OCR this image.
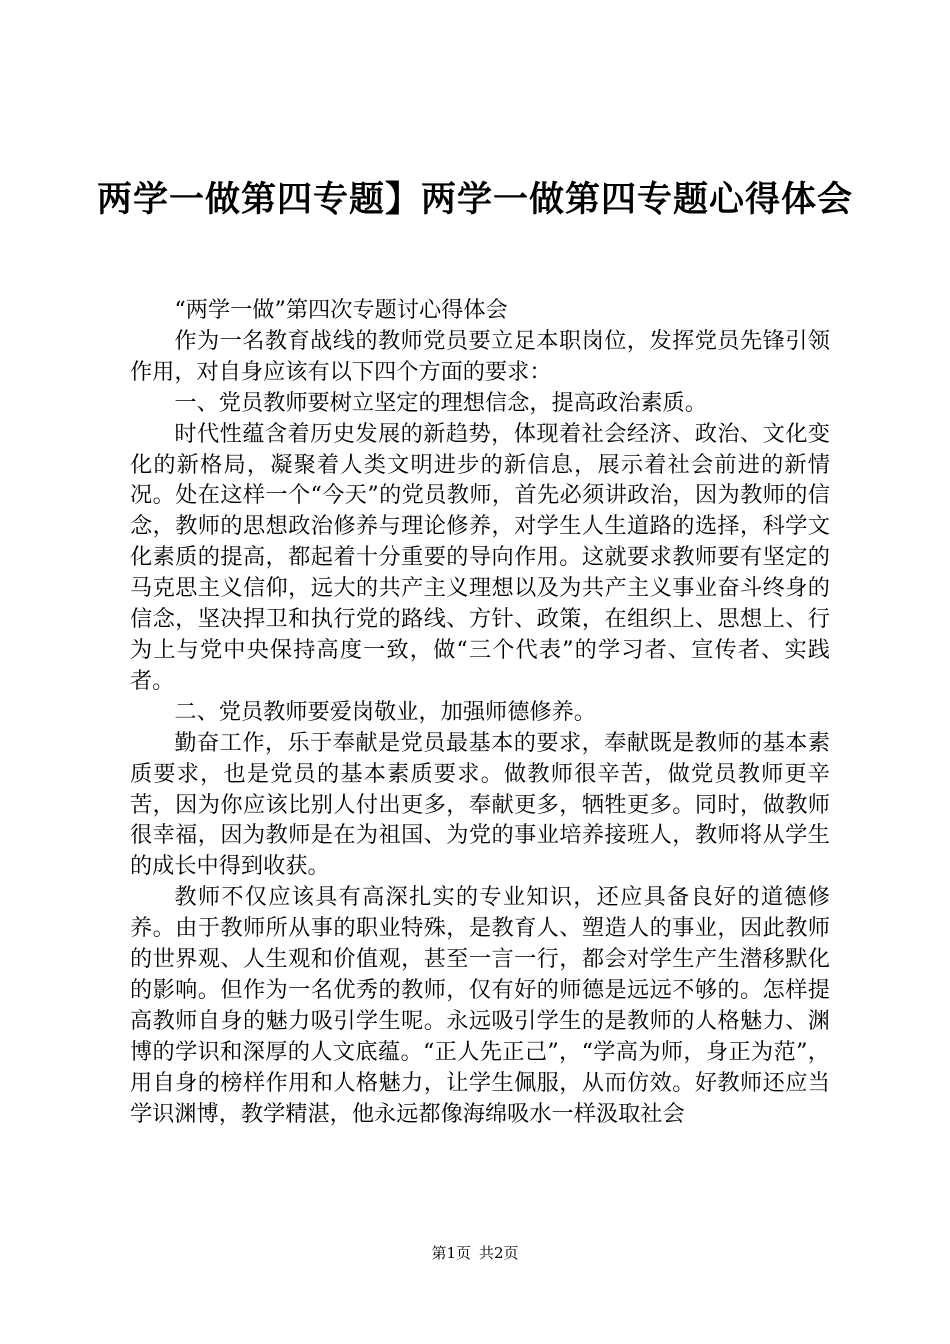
两学一做第四专题】两学一做第四专题心得体会

“两学一做”第四次专题讨心得体会

作为一名教育战线的教师党员要立足本职岗位，发挥党员先锋引领作用，对自身应该有以下四个方面的要求：

一、党员教师要树立坚定的理想信念，提高政治素质。

时代性蕴含着历史发展的新趋势，体现着社会经济、政治、文化变化的新格局，凝聚着人类文明进步的新信息，展示着社会前进的新情况。处在这样一个“今天”的党员教师，首先必须讲政治，因为教师的信念，教师的思想政治修养与理论修养，对学生人生道路的选择，科学文化素质的提高，都起着十分重要的导向作用。这就要求教师要有坚定的马克思主义信仰，远大的共产主义理想以及为共产主义事业奋斗终身的信念，坚决捍卫和执行党的路线、方针、政策，在组织上、思想上、行为上与党中央保持高度一致，做“三个代表”的学习者、宣传者、实践者。

二、党员教师要爱岗敬业，加强师德修养。

勤奋工作，乐于奉献是党员最基本的要求，奉献既是教师的基本素质要求，也是党员的基本素质要求。做教师很辛苦，做党员教师更辛苦，因为你应该比别人付出更多，奉献更多，牺牲更多。同时，做教师很幸福，因为教师是在为祖国、为党的事业培养接班人，教师将从学生的成长中得到收获。

教师不仅应该具有高深扎实的专业知识，还应具备良好的道德修养。由于教师所从事的职业特殊，是教育人、塑造人的事业，因此教师的世界观、人生观和价值观，甚至一言一行，都会对学生产生潜移默化的影响。但作为一名优秀的教师，仅有好的师德是远远不够的。怎样提高教师自身的魅力吸引学生呢。永远吸引学生的是教师的人格魅力、渊博的学识和深厚的人文底蕴。“正人先正己”，“学高为师，身正为范”，用自身的榜样作用和人格魅力，让学生佩服，从而仿效。好教师还应当学识渊博，教学精湛，他永远都像海绵吸水一样汲取社会

第1页 共2页
